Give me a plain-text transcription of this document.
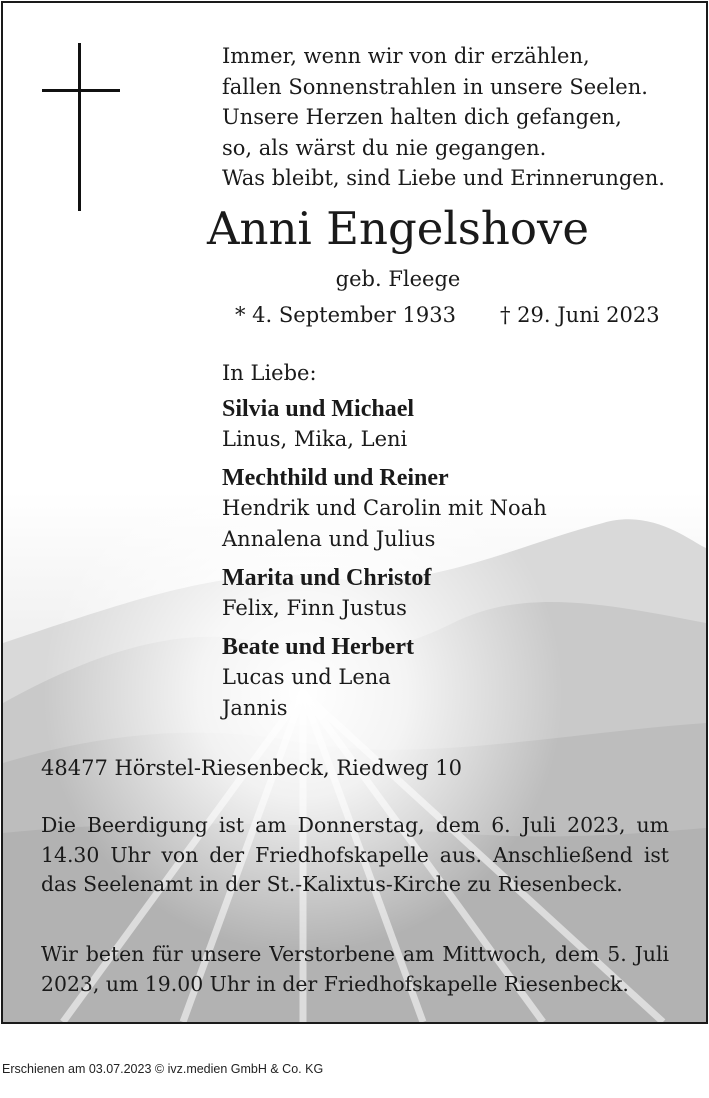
Immer, wenn wir von dir erzählen,
fallen Sonnenstrahlen in unsere Seelen.
Unsere Herzen halten dich gefangen,
so, als wärst du nie gegangen.
Was bleibt, sind Liebe und Erinnerungen.
Anni Engelshove
geb. Fleege
* 4. September 1933 † 29. Juni 2023
In Liebe:
Silvia und Michael
Linus, Mika, Leni
Mechthild und Reiner
Hendrik und Carolin mit Noah
Annalena und Julius
Marita und Christof
Felix, Finn Justus
Beate und Herbert
Lucas und Lena
Jannis
48477 Hörstel-Riesenbeck, Riedweg 10

Die Beerdigung ist am Donnerstag, dem 6. Juli 2023, um 14.30 Uhr von der Friedhofskapelle aus. Anschließend ist das Seelenamt in der St.-Kalixtus-Kirche zu Riesenbeck.

Wir beten für unsere Verstorbene am Mittwoch, dem 5. Juli 2023, um 19.00 Uhr in der Friedhofskapelle Riesenbeck.

Erschienen am 03.07.2023 © ivz.medien GmbH & Co. KG
